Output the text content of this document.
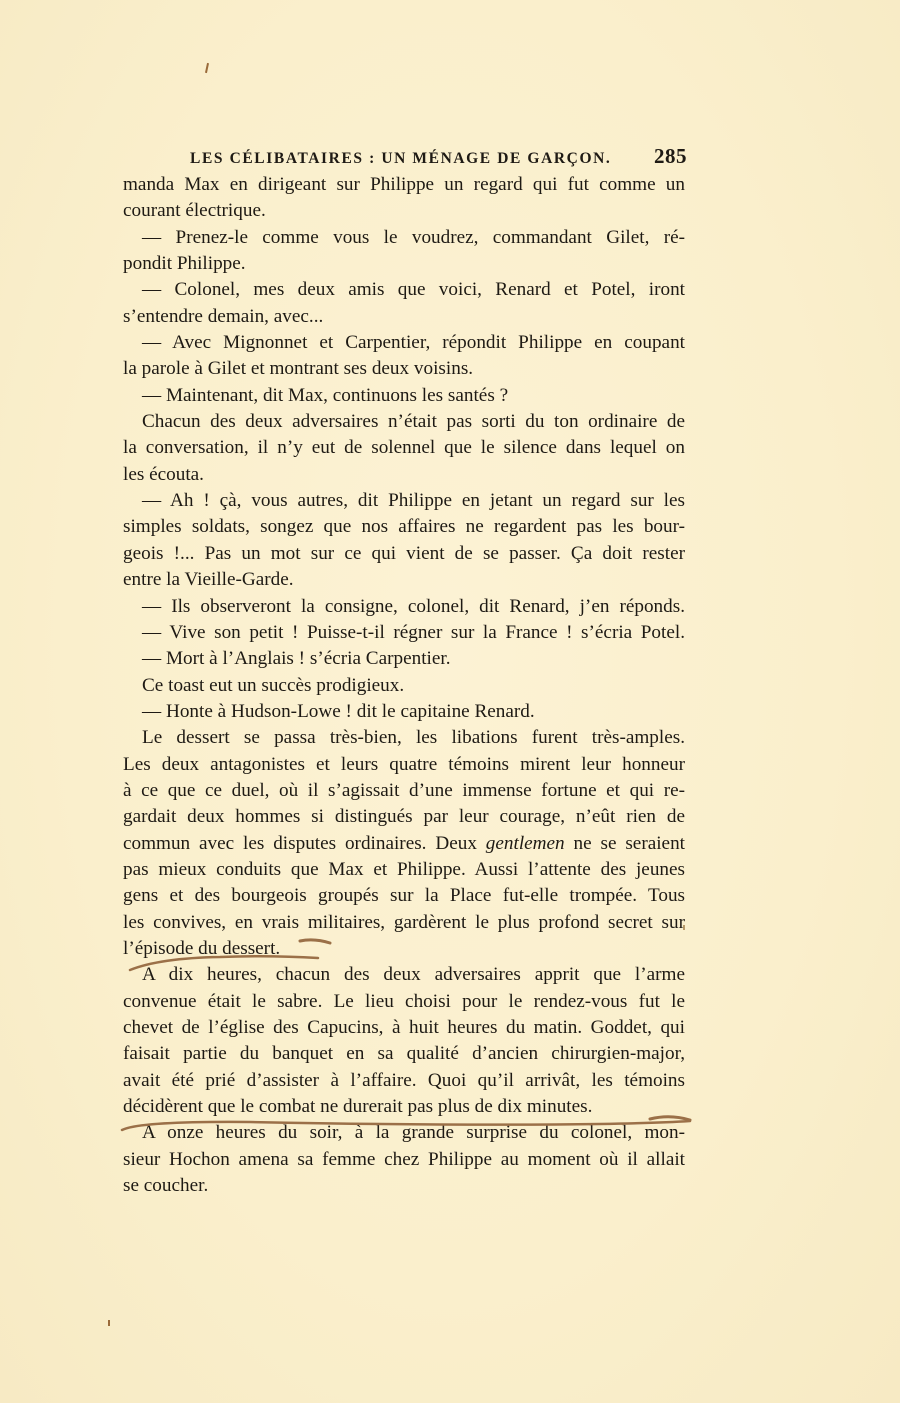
LES CÉLIBATAIRES : UN MÉNAGE DE GARÇON. 285
manda Max en dirigeant sur Philippe un regard qui fut comme un
courant électrique.
— Prenez-le comme vous le voudrez, commandant Gilet, ré-
pondit Philippe.
— Colonel, mes deux amis que voici, Renard et Potel, iront
s’entendre demain, avec...
— Avec Mignonnet et Carpentier, répondit Philippe en coupant
la parole à Gilet et montrant ses deux voisins.
— Maintenant, dit Max, continuons les santés ?
Chacun des deux adversaires n’était pas sorti du ton ordinaire de
la conversation, il n’y eut de solennel que le silence dans lequel on
les écouta.
— Ah ! çà, vous autres, dit Philippe en jetant un regard sur les
simples soldats, songez que nos affaires ne regardent pas les bour-
geois !... Pas un mot sur ce qui vient de se passer. Ça doit rester
entre la Vieille-Garde.
— Ils observeront la consigne, colonel, dit Renard, j’en réponds.
— Vive son petit ! Puisse-t-il régner sur la France ! s’écria Potel.
— Mort à l’Anglais ! s’écria Carpentier.
Ce toast eut un succès prodigieux.
— Honte à Hudson-Lowe ! dit le capitaine Renard.
Le dessert se passa très-bien, les libations furent très-amples.
Les deux antagonistes et leurs quatre témoins mirent leur honneur
à ce que ce duel, où il s’agissait d’une immense fortune et qui re-
gardait deux hommes si distingués par leur courage, n’eût rien de
commun avec les disputes ordinaires. Deux gentlemen ne se seraient
pas mieux conduits que Max et Philippe. Aussi l’attente des jeunes
gens et des bourgeois groupés sur la Place fut-elle trompée. Tous
les convives, en vrais militaires, gardèrent le plus profond secret sur
l’épisode du dessert.
A dix heures, chacun des deux adversaires apprit que l’arme
convenue était le sabre. Le lieu choisi pour le rendez-vous fut le
chevet de l’église des Capucins, à huit heures du matin. Goddet, qui
faisait partie du banquet en sa qualité d’ancien chirurgien-major,
avait été prié d’assister à l’affaire. Quoi qu’il arrivât, les témoins
décidèrent que le combat ne durerait pas plus de dix minutes.
A onze heures du soir, à la grande surprise du colonel, mon-
sieur Hochon amena sa femme chez Philippe au moment où il allait
se coucher.
